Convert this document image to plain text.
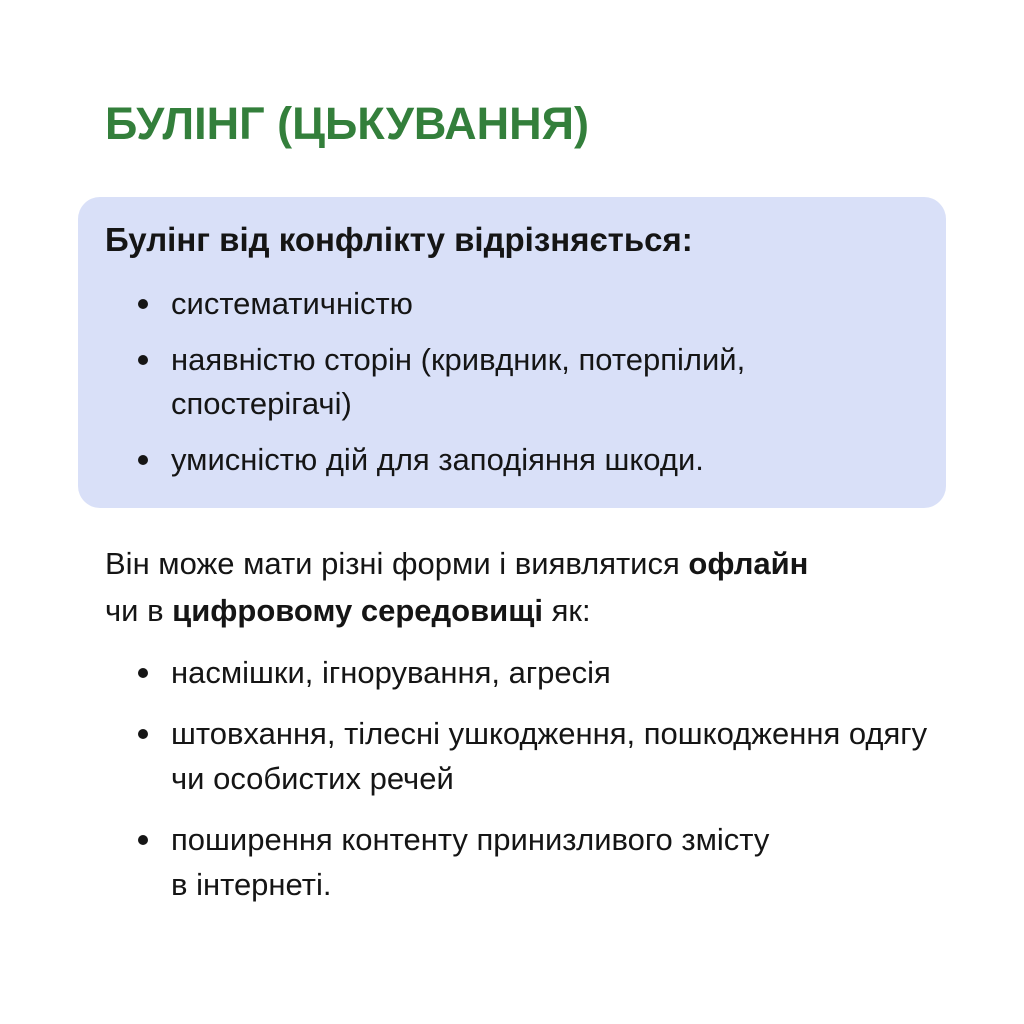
БУЛІНГ (ЦЬКУВАННЯ)
Булінг від конфлікту відрізняється:
систематичністю
наявністю сторін (кривдник, потерпілий, спостерігачі)
умисністю дій для заподіяння шкоди.

Він може мати різні форми і виявлятися офлайн
чи в цифровому середовищі як:

насмішки, ігнорування, агресія
штовхання, тілесні ушкодження, пошкодження одягу чи особистих речей
поширення контенту принизливого змісту в інтернеті.
